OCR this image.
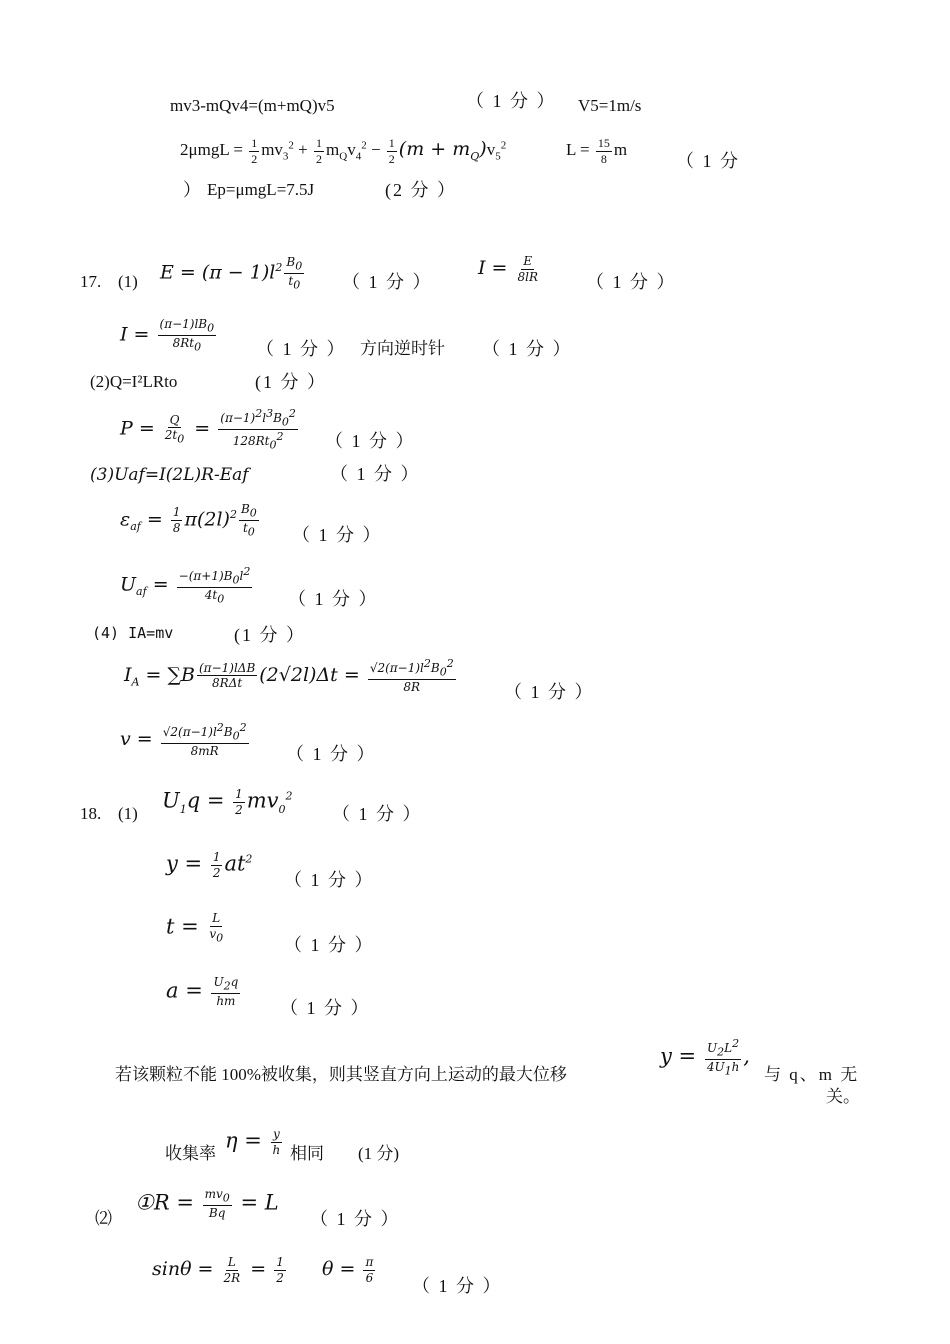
mv3-mQv4=(m+mQ)v5	（ 1 分 ） V5=1m/s
$2\mu mgL = \frac{1}{2} mv_3^2 + \frac{1}{2} m_Qv_4^2 - \frac{1}{2} (m + m_Q)v_5^2$	$L = \frac{15}{8}$ m
（ 1 分
） Ep=μmgL=7.5J	(2 分 ）
17. (1) $E = (\pi - 1)l^2 \frac{B_0}{t_0}$ （ 1 分 ）
$I = \frac{E}{8lR}$	（ 1 分 ）
$I = \frac{(\pi-1)lB_0}{8Rt_0}$ （ 1 分 ） 方向逆时针 （ 1 分 ）
(2)Q=I²LRto	(1 分 ）
$P = \frac{Q}{2t_0} = \frac{(\pi-1)^2l^3B_0^2}{128Rt_0^2}$ （ 1 分 ）
(3)Uaf=I(2L)R-Eaf	（ 1 分 ）
$\varepsilon_{af} = \frac{1}{8} \pi(2l)^2 \frac{B_0}{t_0}$ （ 1 分 ）
$U_{af} = \frac{-(\pi+1)B_0l^2}{4t_0}$ （ 1 分 ）
(4) IA=mv	(1 分 ）
$I_A = \sum B \frac{\text{(π−1)lΔB}}{\text{8RΔt}} (2√2l)\Delta t = \frac{√2(\pi-1)l^2B_0^2}{8R}$	（ 1 分 ）
$v = \frac{√2(\pi-1)l^2B_0^2}{8mR}$ （ 1 分 ）
18. (1)
$U_1q = \frac{1}{2} mv_0^2$
（ 1 分 ）
$y = \frac{1}{2} at^2$
（ 1 分 ）
$t = \frac{L}{v_0}$
（ 1 分 ）
$a = \frac{U_2q}{hm}$
（ 1 分 ）
若该颗粒不能 100%被收集，则其竖直方向上运动的最大位移
$y = \frac{U_2L^2}{4U_1h}$ ,
与 q、m 无
关。
收集率
$\eta = \frac{y}{h}$ 相同 (1 分)
⑵
①R = $\frac{mv_0}{Bq} = L$
（ 1 分 ）
$\sin\theta = \frac{L}{2R} = \frac{1}{2}$ $\theta = \frac{\pi}{6}$
（ 1 分 ）
